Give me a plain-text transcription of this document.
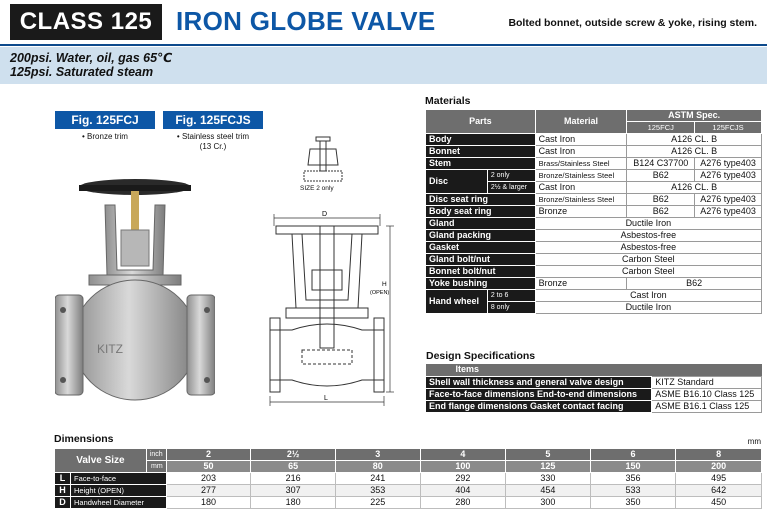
CLASS 125 IRON GLOBE VALVE	Bolted bonnet, outside screw & yoke, rising stem.
200psi. Water, oil, gas 65℃
125psi. Saturated steam
Fig. 125FCJ
• Bronze trim
Fig. 125FCJS
• Stainless steel trim
(13 Cr.)
KITZ
SIZE 2 only
D
H
(OPEN)
L
Materials
Parts		Material	ASTM Spec.	
			125FCJ	125FCJS
Body		Cast Iron	A126 CL. B	
Bonnet		Cast Iron	A126 CL. B	
Stem		Brass/Stainless Steel	B124 C37700	A276 type403
Disc	2 only	Bronze/Stainless Steel	B62	A276 type403
	2½ & larger	Cast Iron	A126 CL. B	
Disc seat ring		Bronze/Stainless Steel	B62	A276 type403
Body seat ring		Bronze	B62	A276 type403
Gland		Ductile Iron		
Gland packing		Asbestos-free		
Gasket		Asbestos-free		
Gland bolt/nut		Carbon Steel		
Bonnet bolt/nut		Carbon Steel		
Yoke bushing		Bronze	B62	
Hand wheel	2 to 6	Cast Iron		
	8 only	Ductile Iron		
Design Specifications
Items	
Shell wall thickness and general valve design	KITZ Standard
Face-to-face dimensions End-to-end dimensions	ASME B16.10 Class 125
End flange dimensions Gasket contact facing	ASME B16.1 Class 125
Dimensions	mm
Valve Size		inch	2	2½	3	4	5	6	8
		mm	50	65	80	100	125	150	200
L	Face-to-face		203	216	241	292	330	356	495
H	Height (OPEN)		277	307	353	404	454	533	642
D	Handwheel Diameter		180	180	225	280	300	350	450
